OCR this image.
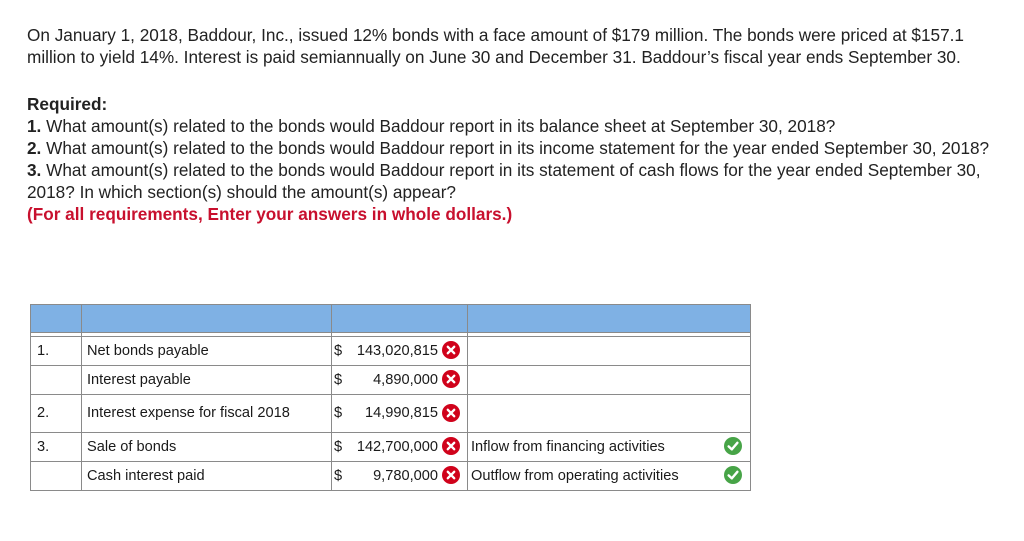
On January 1, 2018, Baddour, Inc., issued 12% bonds with a face amount of $179 million. The bonds were priced at $157.1 million to yield 14%. Interest is paid semiannually on June 30 and December 31. Baddour’s fiscal year ends September 30.

Required:

1. What amount(s) related to the bonds would Baddour report in its balance sheet at September 30, 2018?

2. What amount(s) related to the bonds would Baddour report in its income statement for the year ended September 30, 2018?

3. What amount(s) related to the bonds would Baddour report in its statement of cash flows for the year ended September 30, 2018? In which section(s) should the amount(s) appear?

(For all requirements, Enter your answers in whole dollars.)

1.	Net bonds payable	$ 143,020,815

	Interest payable	$ 4,890,000

2.	Interest expense for fiscal 2018	$ 14,990,815

3.	Sale of bonds	$ 142,700,000	Inflow from financing activities

	Cash interest paid	$ 9,780,000	Outflow from operating activities
